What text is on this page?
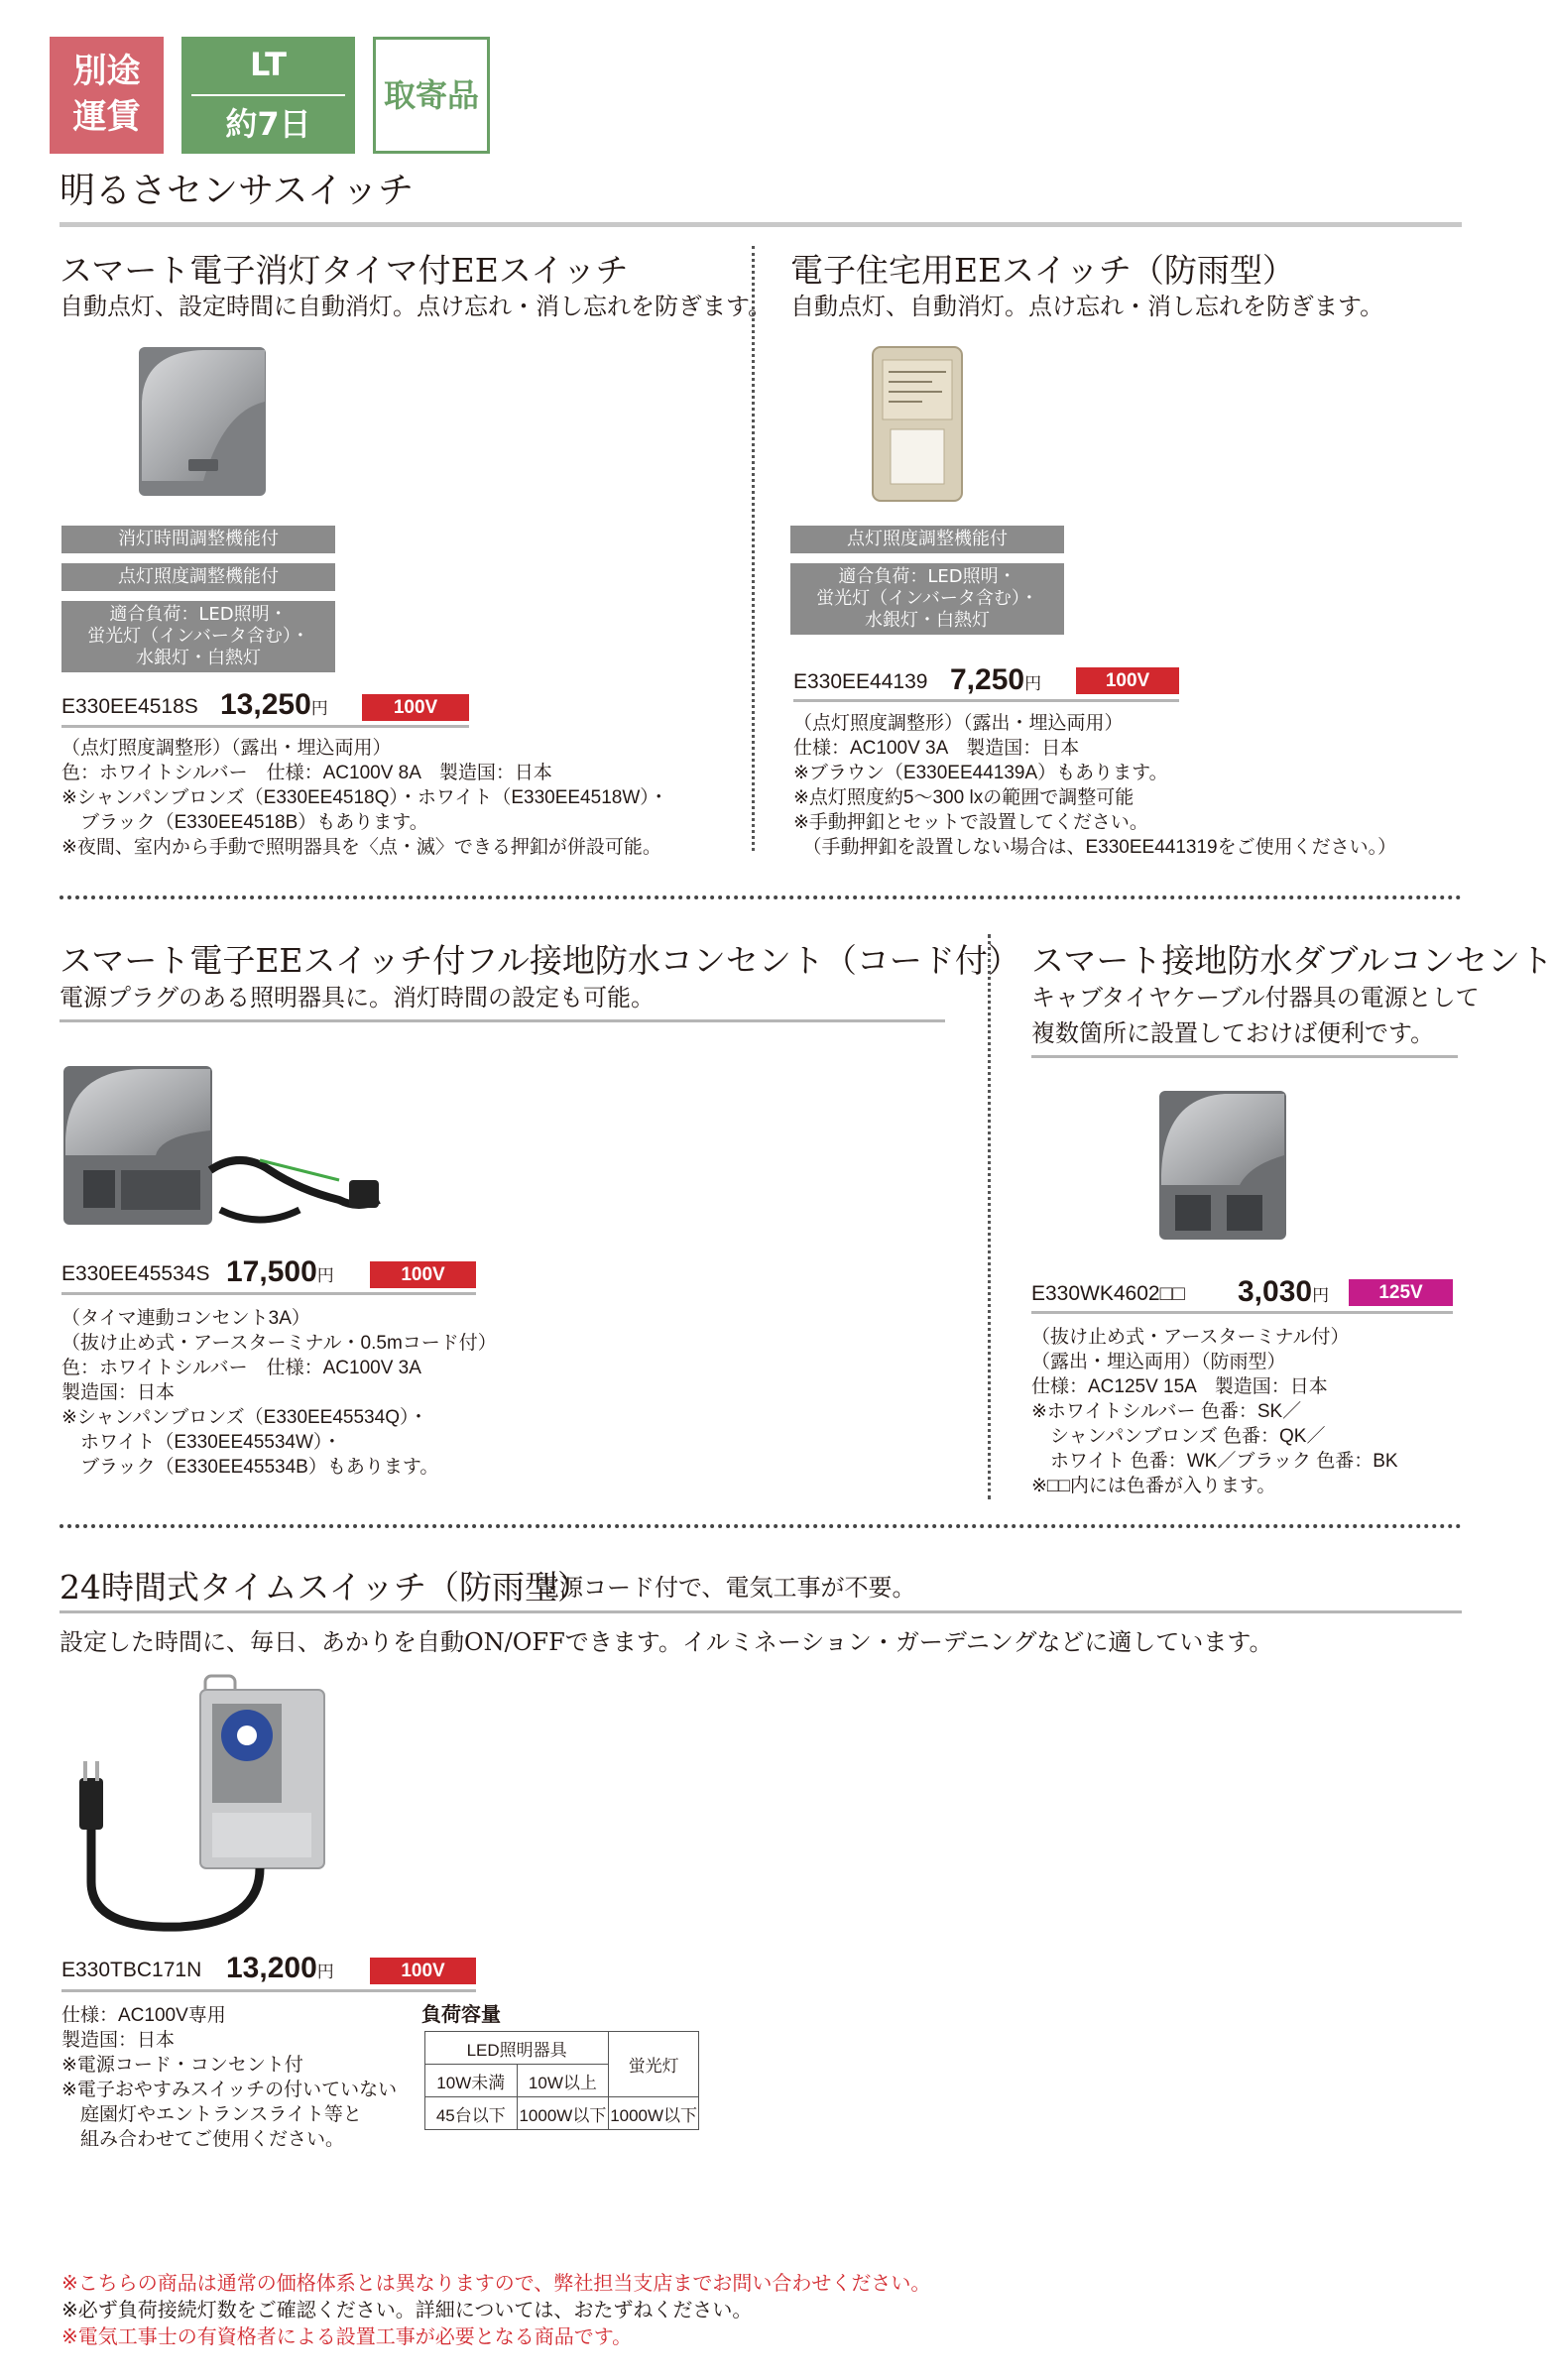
別途
運賃
LT
約7日
取寄品
明るさセンサスイッチ
スマート電子消灯タイマ付EEスイッチ
自動点灯、設定時間に自動消灯。点け忘れ・消し忘れを防ぎます。
消灯時間調整機能付
点灯照度調整機能付
適合負荷：LED照明・
蛍光灯（インバータ含む）・
水銀灯・白熱灯
E330EE4518S 13,250円	100V
（点灯照度調整形）（露出・埋込両用）
色：ホワイトシルバー　仕様：AC100V 8A　製造国：日本
※シャンパンブロンズ（E330EE4518Q）・ホワイト（E330EE4518W）・
　ブラック（E330EE4518B）もあります。
※夜間、室内から手動で照明器具を〈点・滅〉できる押釦が併設可能。
電子住宅用EEスイッチ（防雨型）
自動点灯、自動消灯。点け忘れ・消し忘れを防ぎます。
点灯照度調整機能付
適合負荷：LED照明・
蛍光灯（インバータ含む）・
水銀灯・白熱灯
E330EE44139 7,250円	100V
（点灯照度調整形）（露出・埋込両用）
仕様：AC100V 3A　製造国：日本
※ブラウン（E330EE44139A）もあります。
※点灯照度約5～300 lxの範囲で調整可能
※手動押釦とセットで設置してください。
　（手動押釦を設置しない場合は、E330EE441319をご使用ください。）
スマート電子EEスイッチ付フル接地防水コンセント（コード付）
電源プラグのある照明器具に。消灯時間の設定も可能。
E330EE45534S 17,500円	100V
（タイマ連動コンセント3A）
（抜け止め式・アースターミナル・0.5mコード付）
色：ホワイトシルバー　仕様：AC100V 3A
製造国：日本
※シャンパンブロンズ（E330EE45534Q）・
　ホワイト（E330EE45534W）・
　ブラック（E330EE45534B）もあります。
スマート接地防水ダブルコンセント
キャブタイヤケーブル付器具の電源として
複数箇所に設置しておけば便利です。
E330WK4602□□ 3,030円	125V
（抜け止め式・アースターミナル付）
（露出・埋込両用）（防雨型）
仕様：AC125V 15A　製造国：日本
※ホワイトシルバー 色番：SK／
　シャンパンブロンズ 色番：QK／
　ホワイト 色番：WK／ブラック 色番：BK
※□□内には色番が入ります。
24時間式タイムスイッチ（防雨型）
電源コード付で、電気工事が不要。
設定した時間に、毎日、あかりを自動ON/OFFできます。イルミネーション・ガーデニングなどに適しています。
E330TBC171N 13,200円	100V
仕様：AC100V専用
製造国：日本
※電源コード・コンセント付
※電子おやすみスイッチの付いていない
　庭園灯やエントランスライト等と
　組み合わせてご使用ください。
負荷容量
LED照明器具		蛍光灯
10W未満	10W以上	
45台以下	1000W以下	1000W以下
※こちらの商品は通常の価格体系とは異なりますので、弊社担当支店までお問い合わせください。
※必ず負荷接続灯数をご確認ください。詳細については、おたずねください。
※電気工事士の有資格者による設置工事が必要となる商品です。
